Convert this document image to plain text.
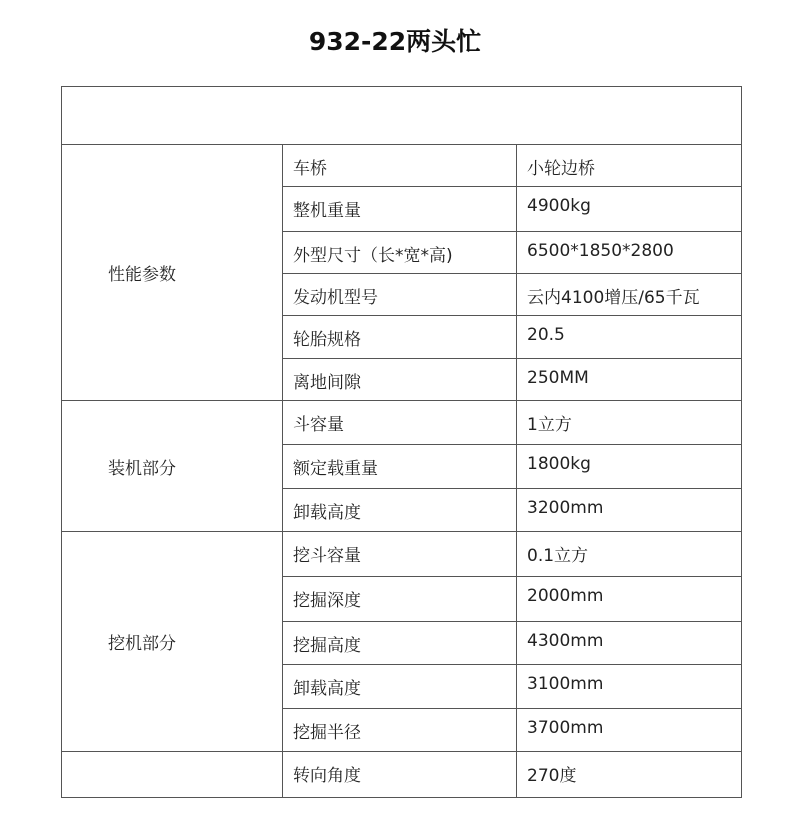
932-22两头忙

性能参数	车桥	小轮边桥
	整机重量	4900kg
	外型尺寸（长*宽*高)	6500*1850*2800
	发动机型号	云内4100增压/65千瓦
	轮胎规格	20.5
	离地间隙	250MM
装机部分	斗容量	1立方
	额定载重量	1800kg
	卸载高度	3200mm
挖机部分	挖斗容量	0.1立方
	挖掘深度	2000mm
	挖掘高度	4300mm
	卸载高度	3100mm
	挖掘半径	3700mm
	转向角度	270度
